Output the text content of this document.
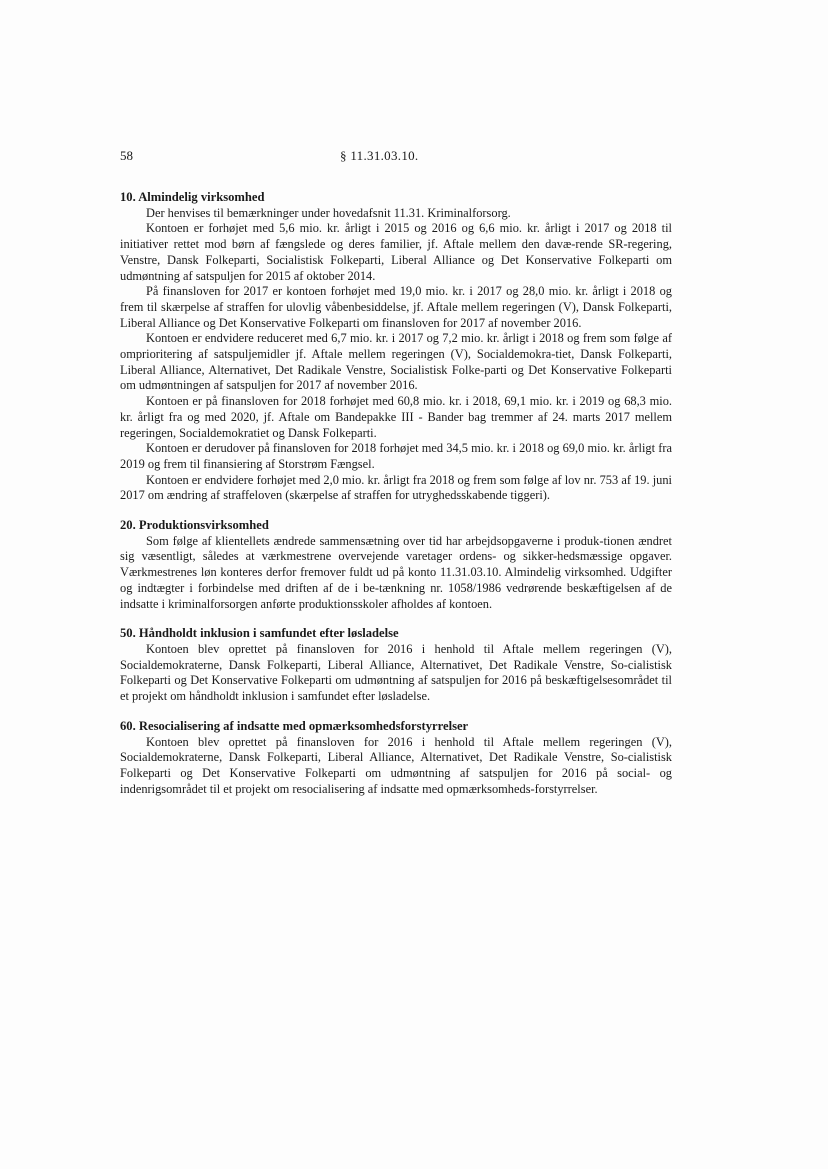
58	§ 11.31.03.10.

10. Almindelig virksomhed

Der henvises til bemærkninger under hovedafsnit 11.31. Kriminalforsorg.

Kontoen er forhøjet med 5,6 mio. kr. årligt i 2015 og 2016 og 6,6 mio. kr. årligt i 2017 og 2018 til initiativer rettet mod børn af fængslede og deres familier, jf. Aftale mellem den davæ-rende SR-regering, Venstre, Dansk Folkeparti, Socialistisk Folkeparti, Liberal Alliance og Det Konservative Folkeparti om udmøntning af satspuljen for 2015 af oktober 2014.

På finansloven for 2017 er kontoen forhøjet med 19,0 mio. kr. i 2017 og 28,0 mio. kr. årligt i 2018 og frem til skærpelse af straffen for ulovlig våbenbesiddelse, jf. Aftale mellem regeringen (V), Dansk Folkeparti, Liberal Alliance og Det Konservative Folkeparti om finansloven for 2017 af november 2016.

Kontoen er endvidere reduceret med 6,7 mio. kr. i 2017 og 7,2 mio. kr. årligt i 2018 og frem som følge af omprioritering af satspuljemidler jf. Aftale mellem regeringen (V), Socialdemokra-tiet, Dansk Folkeparti, Liberal Alliance, Alternativet, Det Radikale Venstre, Socialistisk Folke-parti og Det Konservative Folkeparti om udmøntningen af satspuljen for 2017 af november 2016.

Kontoen er på finansloven for 2018 forhøjet med 60,8 mio. kr. i 2018, 69,1 mio. kr. i 2019 og 68,3 mio. kr. årligt fra og med 2020, jf. Aftale om Bandepakke III - Bander bag tremmer af 24. marts 2017 mellem regeringen, Socialdemokratiet og Dansk Folkeparti.

Kontoen er derudover på finansloven for 2018 forhøjet med 34,5 mio. kr. i 2018 og 69,0 mio. kr. årligt fra 2019 og frem til finansiering af Storstrøm Fængsel.

Kontoen er endvidere forhøjet med 2,0 mio. kr. årligt fra 2018 og frem som følge af lov nr. 753 af 19. juni 2017 om ændring af straffeloven (skærpelse af straffen for utryghedsskabende tiggeri).

20. Produktionsvirksomhed

Som følge af klientellets ændrede sammensætning over tid har arbejdsopgaverne i produk-tionen ændret sig væsentligt, således at værkmestrene overvejende varetager ordens- og sikker-hedsmæssige opgaver. Værkmestrenes løn konteres derfor fremover fuldt ud på konto 11.31.03.10. Almindelig virksomhed. Udgifter og indtægter i forbindelse med driften af de i be-tænkning nr. 1058/1986 vedrørende beskæftigelsen af de indsatte i kriminalforsorgen anførte produktionsskoler afholdes af kontoen.

50. Håndholdt inklusion i samfundet efter løsladelse

Kontoen blev oprettet på finansloven for 2016 i henhold til Aftale mellem regeringen (V), Socialdemokraterne, Dansk Folkeparti, Liberal Alliance, Alternativet, Det Radikale Venstre, So-cialistisk Folkeparti og Det Konservative Folkeparti om udmøntning af satspuljen for 2016 på beskæftigelsesområdet til et projekt om håndholdt inklusion i samfundet efter løsladelse.

60. Resocialisering af indsatte med opmærksomhedsforstyrrelser

Kontoen blev oprettet på finansloven for 2016 i henhold til Aftale mellem regeringen (V), Socialdemokraterne, Dansk Folkeparti, Liberal Alliance, Alternativet, Det Radikale Venstre, So-cialistisk Folkeparti og Det Konservative Folkeparti om udmøntning af satspuljen for 2016 på social- og indenrigsområdet til et projekt om resocialisering af indsatte med opmærksomheds-forstyrrelser.
